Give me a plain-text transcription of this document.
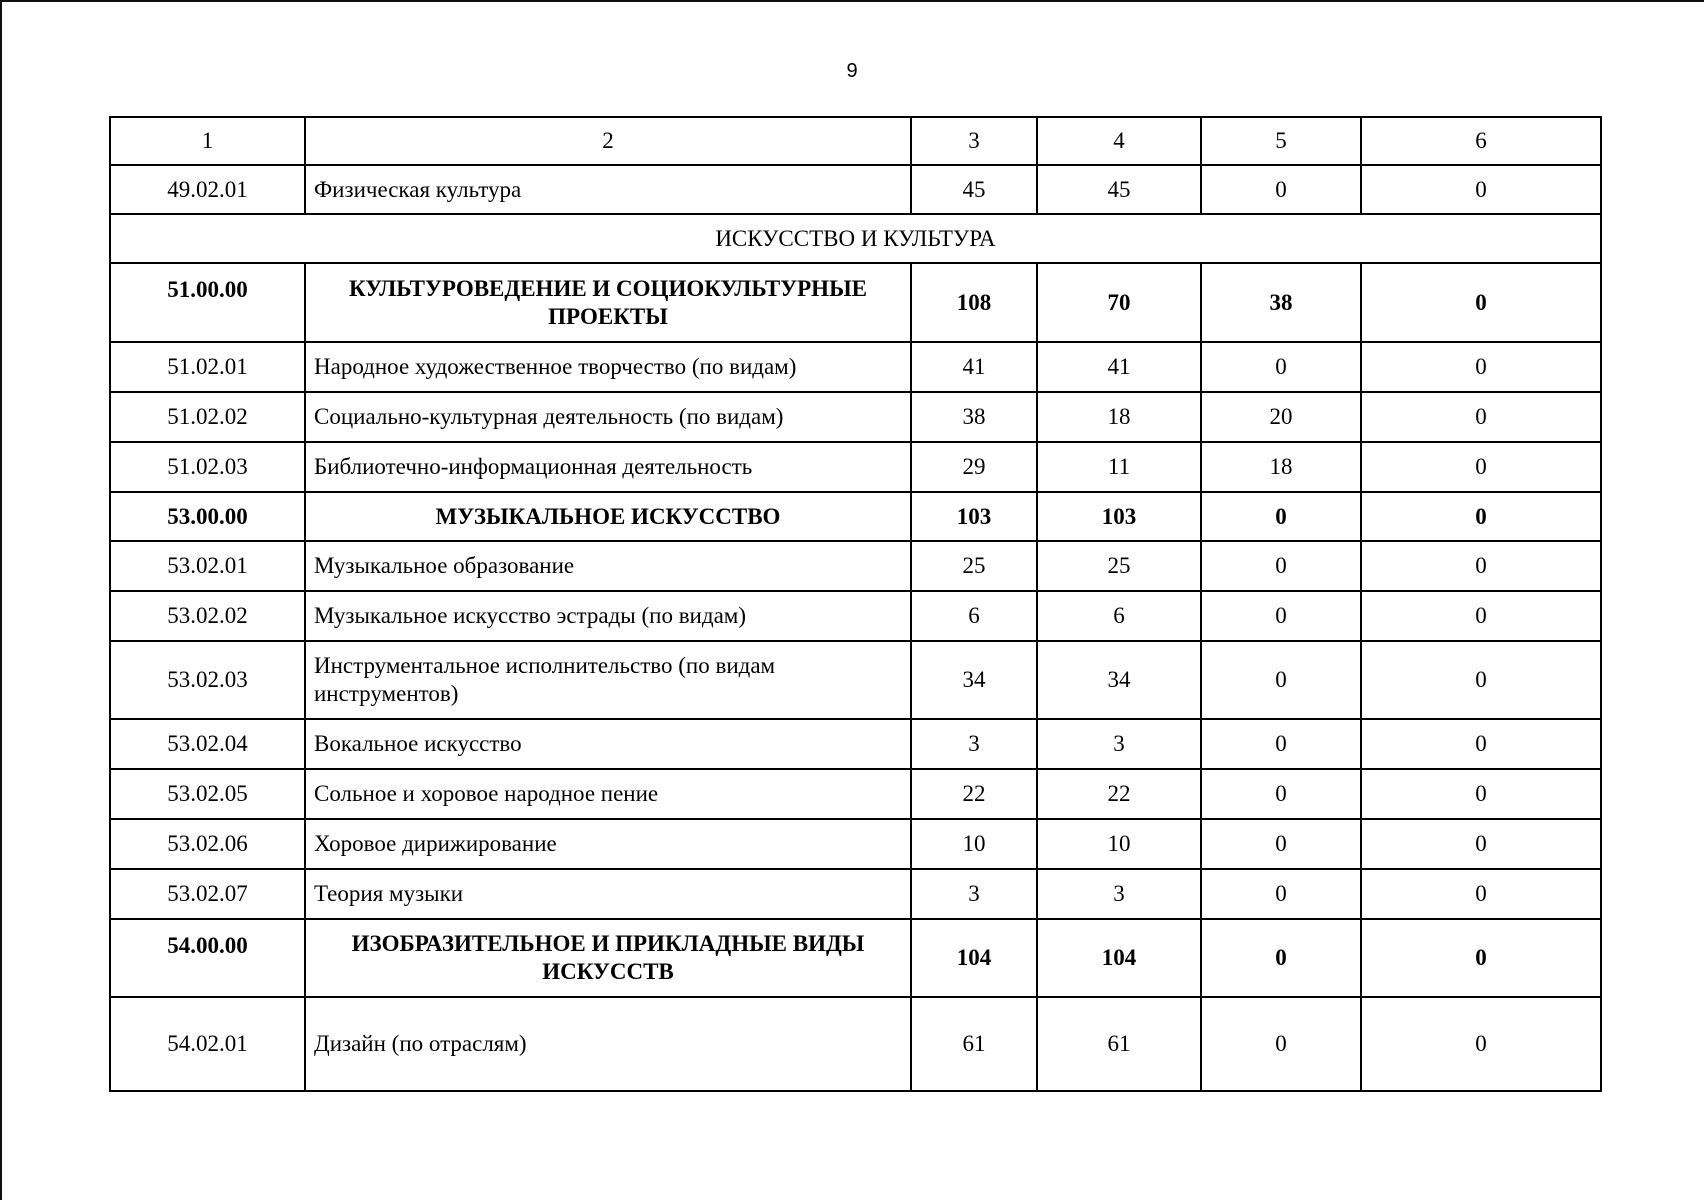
9
1	2	3	4	5	6
49.02.01	Физическая культура	45	45	0	0
ИСКУССТВО И КУЛЬТУРА					
51.00.00	КУЛЬТУРОВЕДЕНИЕ И СОЦИОКУЛЬТУРНЫЕ ПРОЕКТЫ	108	70	38	0
51.02.01	Народное художественное творчество (по видам)	41	41	0	0
51.02.02	Социально-культурная деятельность (по видам)	38	18	20	0
51.02.03	Библиотечно-информационная деятельность	29	11	18	0
53.00.00	МУЗЫКАЛЬНОЕ ИСКУССТВО	103	103	0	0
53.02.01	Музыкальное образование	25	25	0	0
53.02.02	Музыкальное искусство эстрады (по видам)	6	6	0	0
53.02.03	Инструментальное исполнительство (по видам инструментов)	34	34	0	0
53.02.04	Вокальное искусство	3	3	0	0
53.02.05	Сольное и хоровое народное пение	22	22	0	0
53.02.06	Хоровое дирижирование	10	10	0	0
53.02.07	Теория музыки	3	3	0	0
54.00.00	ИЗОБРАЗИТЕЛЬНОЕ И ПРИКЛАДНЫЕ ВИДЫ ИСКУССТВ	104	104	0	0
54.02.01	Дизайн (по отраслям)	61	61	0	0
